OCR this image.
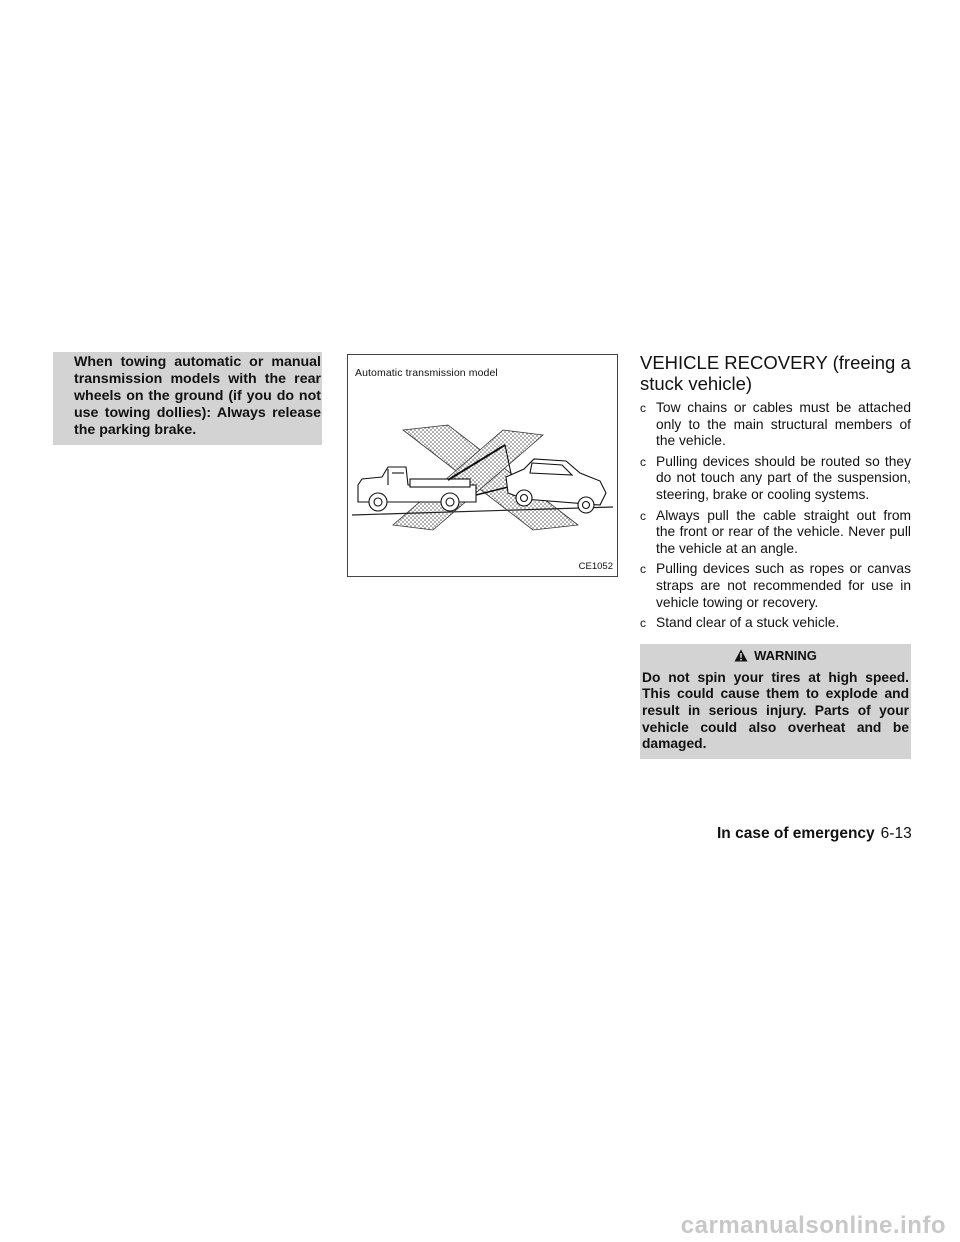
When towing automatic or manual transmission models with the rear wheels on the ground (if you do not use towing dollies): Always release the parking brake.

Automatic transmission model
CE1052
VEHICLE RECOVERY (freeing a stuck vehicle)
c Tow chains or cables must be attached only to the main structural members of the vehicle.
c Pulling devices should be routed so they do not touch any part of the suspension, steering, brake or cooling systems.
c Always pull the cable straight out from the front or rear of the vehicle. Never pull the vehicle at an angle.
c Pulling devices such as ropes or canvas straps are not recommended for use in vehicle towing or recovery.
c Stand clear of a stuck vehicle.
WARNING

Do not spin your tires at high speed. This could cause them to explode and result in serious injury. Parts of your vehicle could also overheat and be damaged.

In case of emergency 6-13
carmanualsonline.info
